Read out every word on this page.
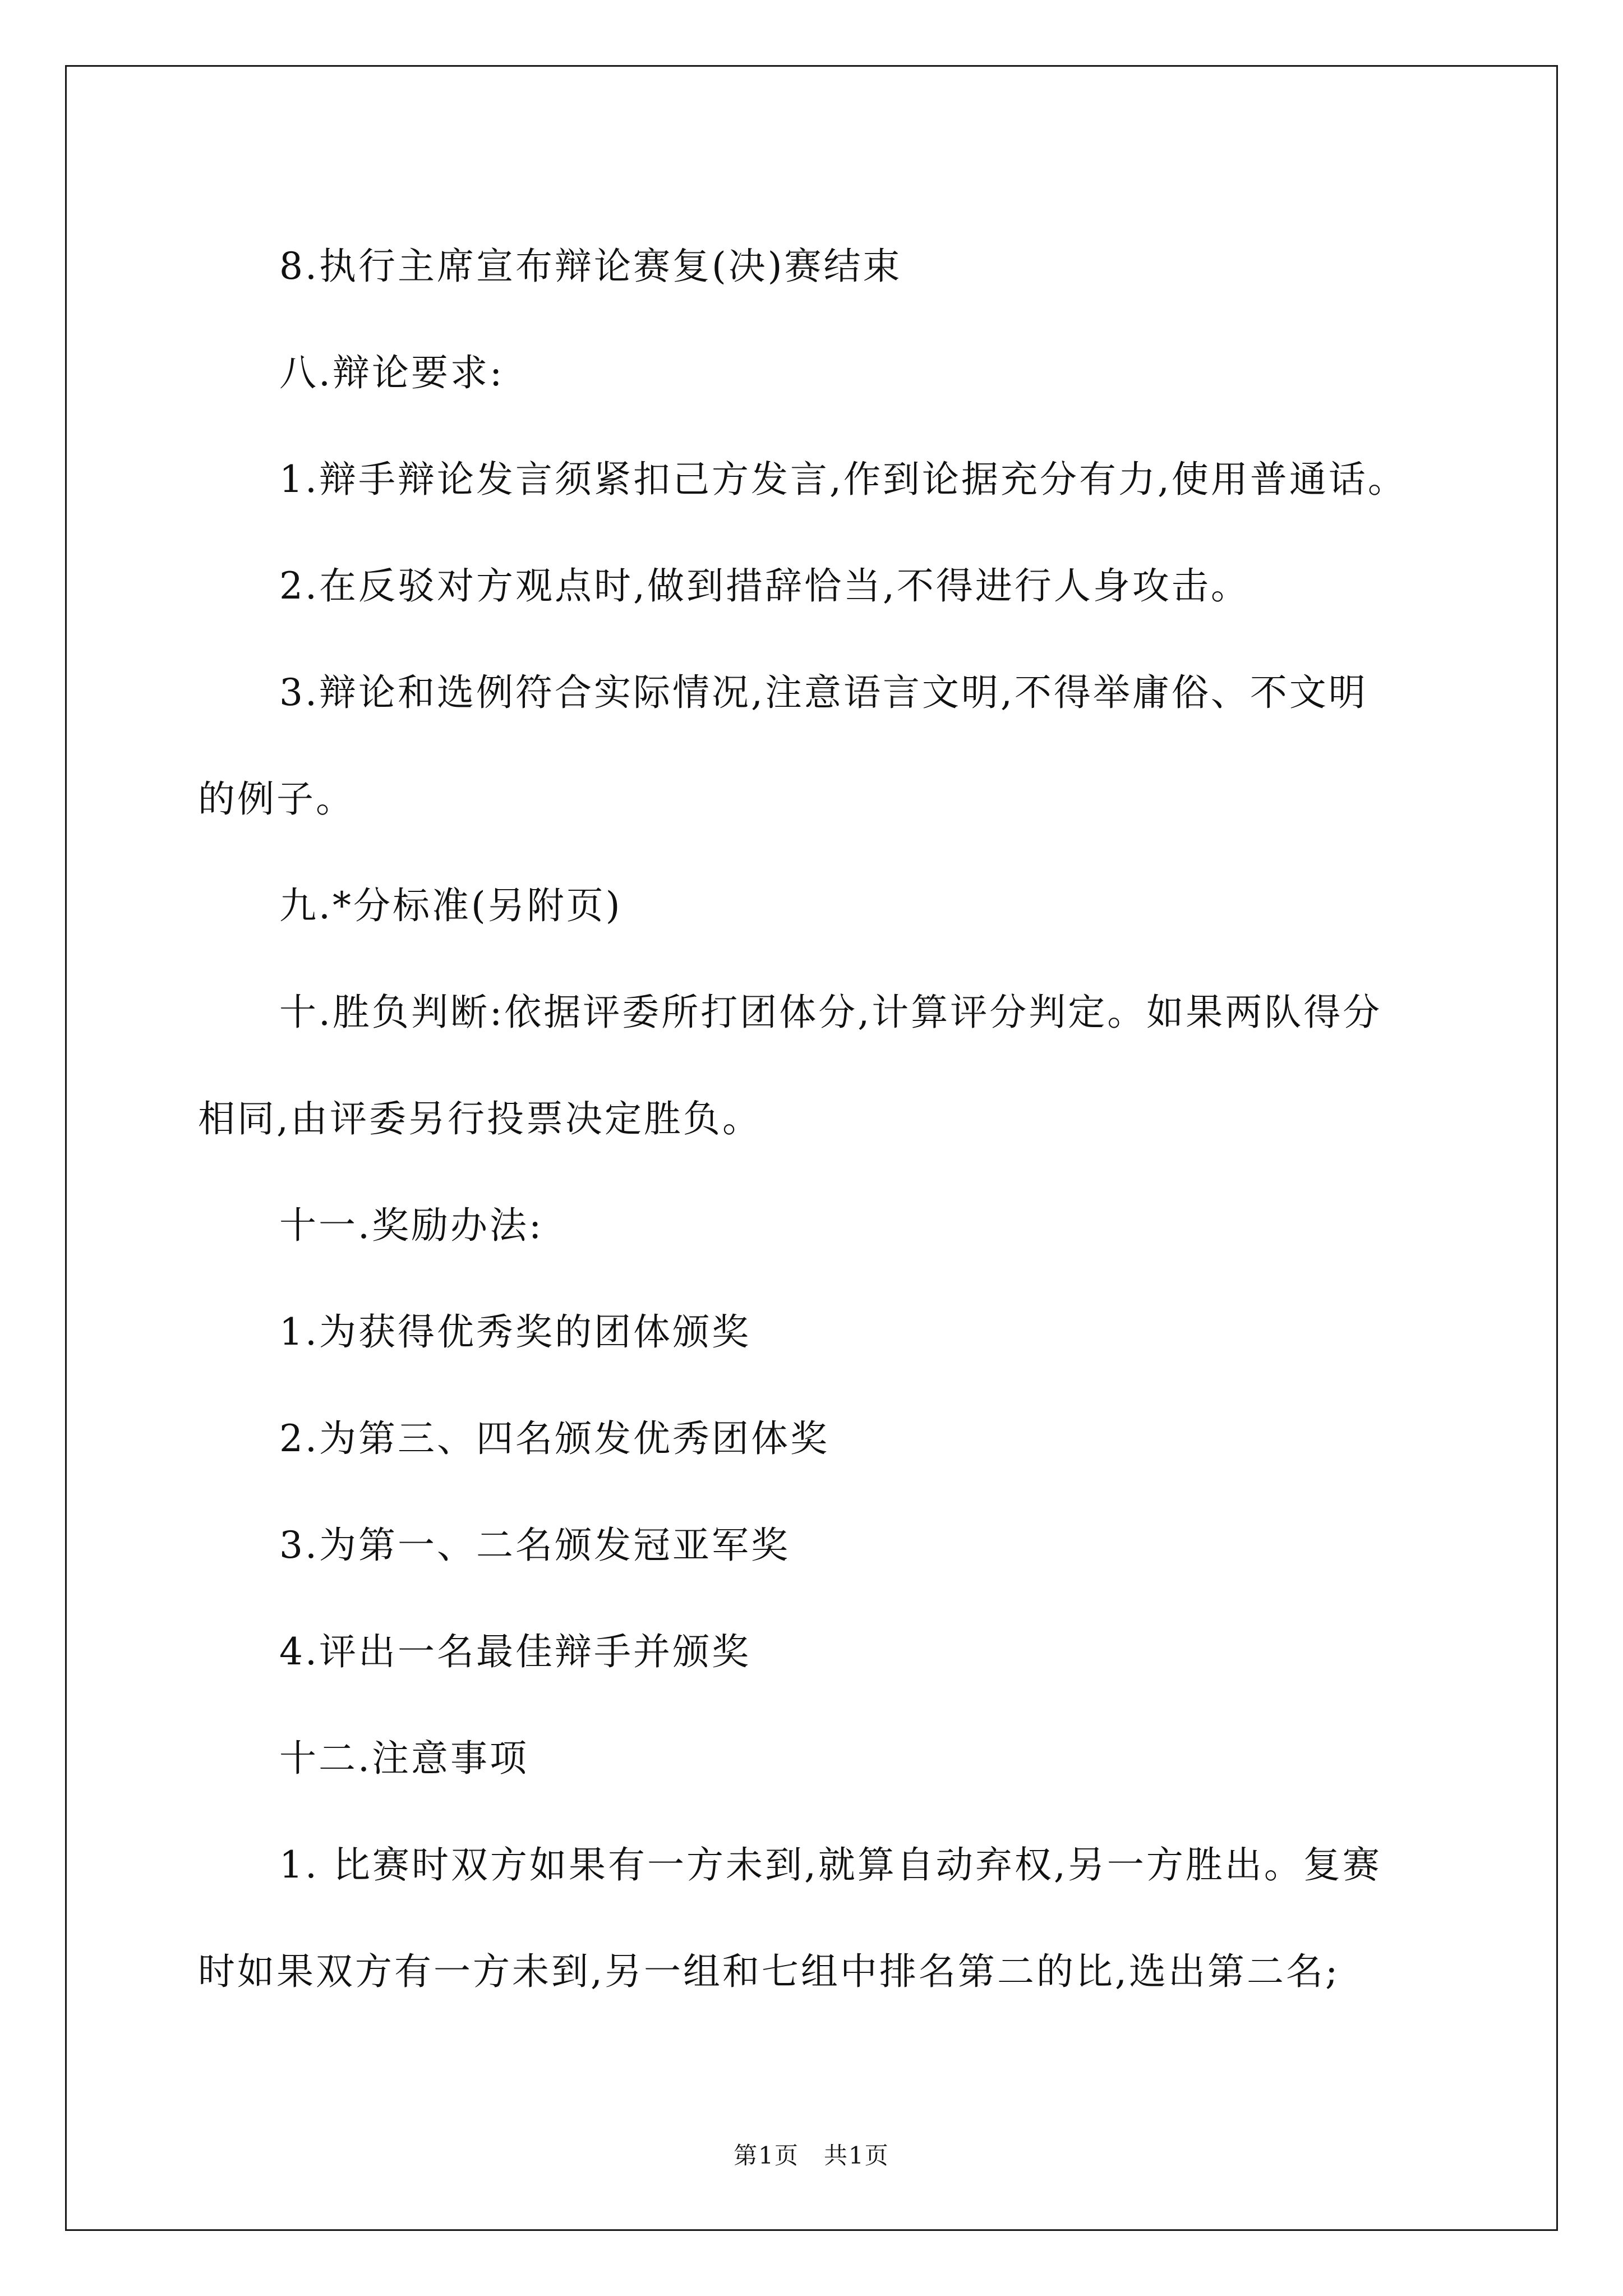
8.执行主席宣布辩论赛复(决)赛结束

八.辩论要求:

1.辩手辩论发言须紧扣己方发言,作到论据充分有力,使用普通话。

2.在反驳对方观点时,做到措辞恰当,不得进行人身攻击。

3.辩论和选例符合实际情况,注意语言文明,不得举庸俗、不文明

的例子。

九.*分标准(另附页)

十.胜负判断:依据评委所打团体分,计算评分判定。如果两队得分

相同,由评委另行投票决定胜负。

十一.奖励办法:

1.为获得优秀奖的团体颁奖

2.为第三、四名颁发优秀团体奖

3.为第一、二名颁发冠亚军奖

4.评出一名最佳辩手并颁奖

十二.注意事项

1. 比赛时双方如果有一方未到,就算自动弃权,另一方胜出。复赛

时如果双方有一方未到,另一组和七组中排名第二的比,选出第二名;

第1页　共1页
